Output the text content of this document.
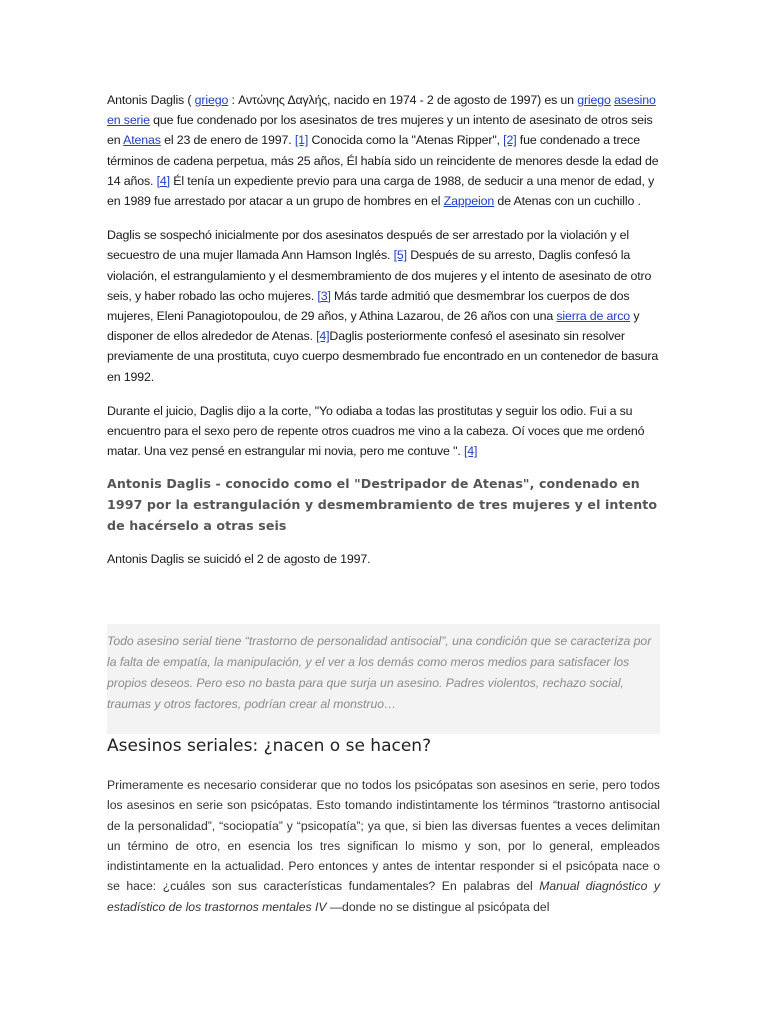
Antonis Daglis ( griego : Αντώνης Δαγλής, nacido en 1974 - 2 de agosto de 1997) es un griego asesino en serie que fue condenado por los asesinatos de tres mujeres y un intento de asesinato de otros seis en Atenas el 23 de enero de 1997. [1] Conocida como la "Atenas Ripper", [2] fue condenado a trece términos de cadena perpetua, más 25 años, Él había sido un reincidente de menores desde la edad de 14 años. [4] Él tenía un expediente previo para una carga de 1988, de seducir a una menor de edad, y en 1989 fue arrestado por atacar a un grupo de hombres en el Zappeion de Atenas con un cuchillo .

Daglis se sospechó inicialmente por dos asesinatos después de ser arrestado por la violación y el secuestro de una mujer llamada Ann Hamson Inglés. [5] Después de su arresto, Daglis confesó la violación, el estrangulamiento y el desmembramiento de dos mujeres y el intento de asesinato de otro seis, y haber robado las ocho mujeres. [3] Más tarde admitió que desmembrar los cuerpos de dos mujeres, Eleni Panagiotopoulou, de 29 años, y Athina Lazarou, de 26 años con una sierra de arco y disponer de ellos alrededor de Atenas. [4]Daglis posteriormente confesó el asesinato sin resolver previamente de una prostituta, cuyo cuerpo desmembrado fue encontrado en un contenedor de basura en 1992.

Durante el juicio, Daglis dijo a la corte, "Yo odiaba a todas las prostitutas y seguir los odio. Fui a su encuentro para el sexo pero de repente otros cuadros me vino a la cabeza. Oí voces que me ordenó matar. Una vez pensé en estrangular mi novia, pero me contuve ". [4]

Antonis Daglis - conocido como el "Destripador de Atenas", condenado en 1997 por la estrangulación y desmembramiento de tres mujeres y el intento de hacérselo a otras seis

Antonis Daglis se suicidó el 2 de agosto de 1997.

Todo asesino serial tiene “trastorno de personalidad antisocial”, una condición que se caracteriza por la falta de empatía, la manipulación, y el ver a los demás como meros medios para satisfacer los propios deseos. Pero eso no basta para que surja un asesino. Padres violentos, rechazo social, traumas y otros factores, podrían crear al monstruo…

Asesinos seriales: ¿nacen o se hacen?

Primeramente es necesario considerar que no todos los psicópatas son asesinos en serie, pero todos los asesinos en serie son psicópatas. Esto tomando indistintamente los términos “trastorno antisocial de la personalidad”, “sociopatía” y “psicopatía”; ya que, si bien las diversas fuentes a veces delimitan un término de otro, en esencia los tres significan lo mismo y son, por lo general, empleados indistintamente en la actualidad. Pero entonces y antes de intentar responder si el psicópata nace o se hace: ¿cuáles son sus características fundamentales? En palabras del Manual diagnóstico y estadístico de los trastornos mentales IV —donde no se distingue al psicópata del
